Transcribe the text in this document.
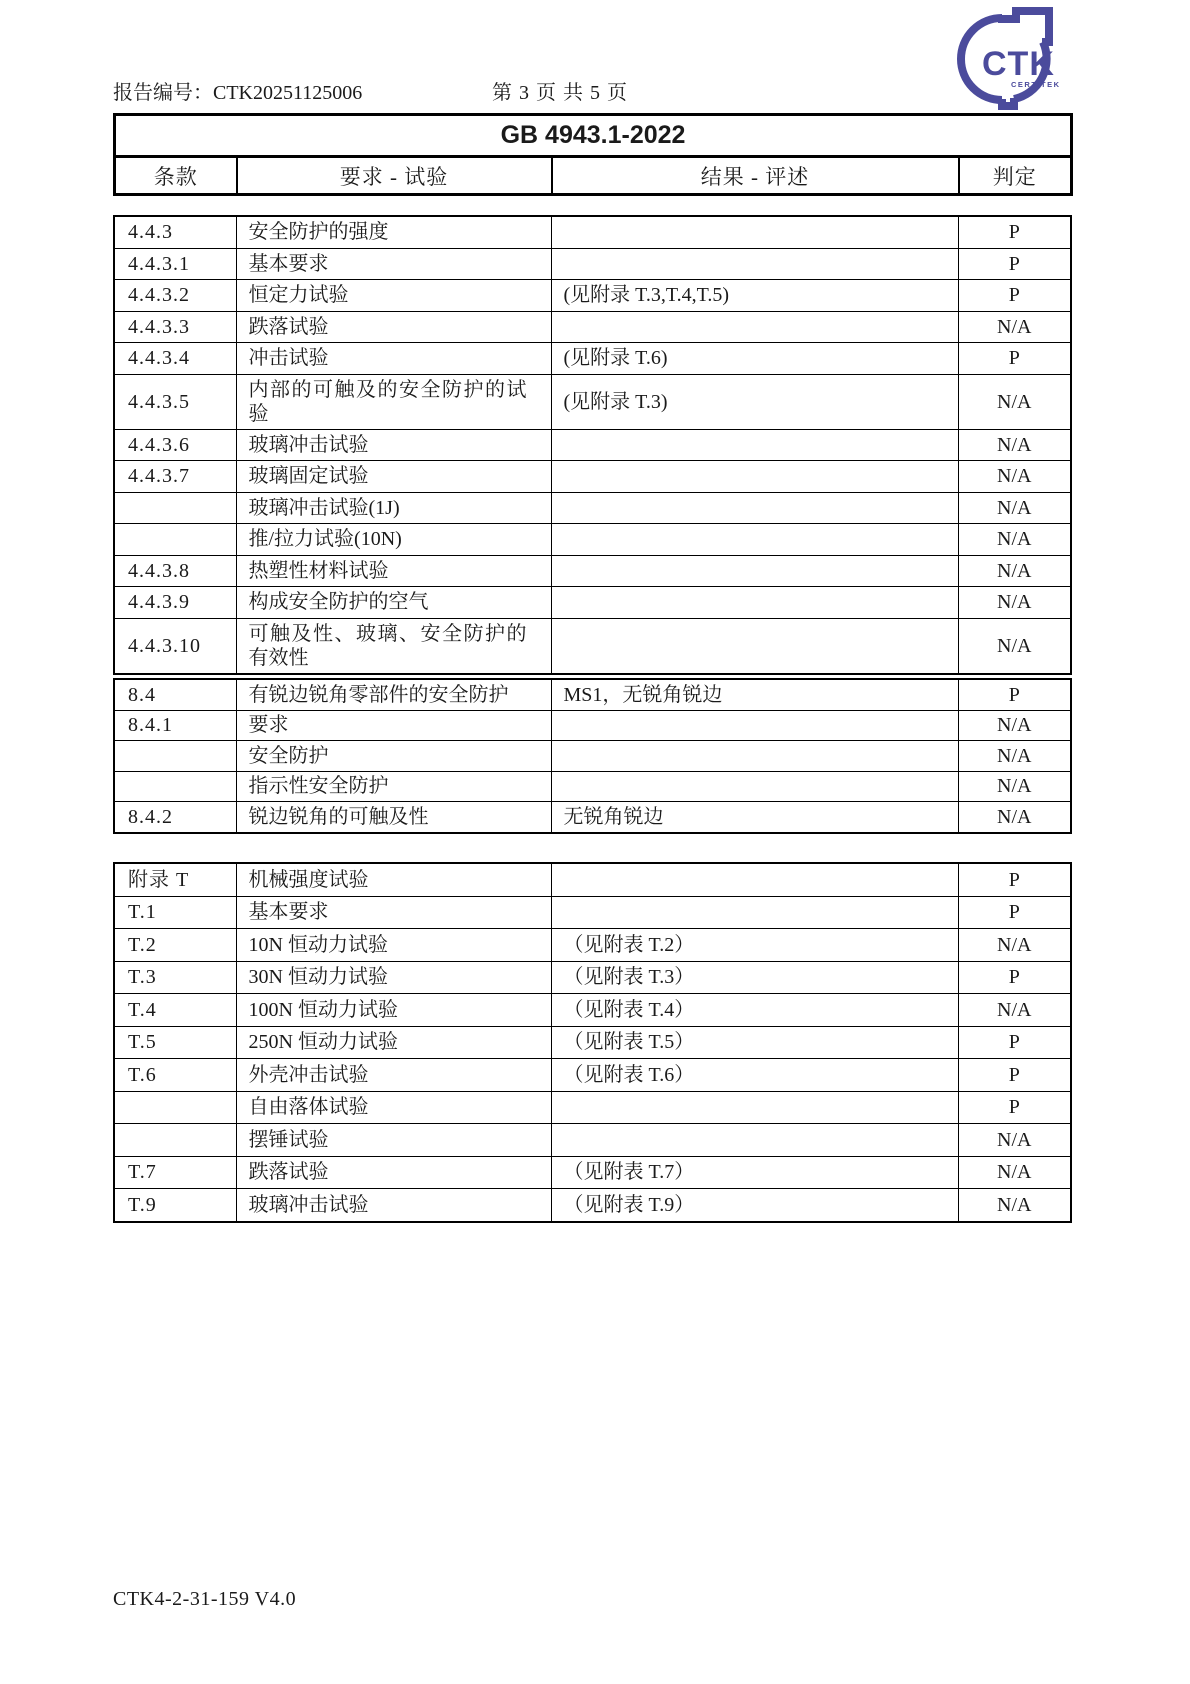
报告编号：CTK20251125006	第 3 页 共 5 页
CTK
CERTITEK
GB 4943.1-2022
条款	要求 - 试验	结果 - 评述	判定
4.4.3	安全防护的强度		P
4.4.3.1	基本要求		P
4.4.3.2	恒定力试验	(见附录 T.3,T.4,T.5)	P
4.4.3.3	跌落试验		N/A
4.4.3.4	冲击试验	(见附录 T.6)	P
4.4.3.5	内部的可触及的安全防护的试验	(见附录 T.3)	N/A
4.4.3.6	玻璃冲击试验		N/A
4.4.3.7	玻璃固定试验		N/A
	玻璃冲击试验(1J)		N/A
	推/拉力试验(10N)		N/A
4.4.3.8	热塑性材料试验		N/A
4.4.3.9	构成安全防护的空气		N/A
4.4.3.10	可触及性、玻璃、安全防护的有效性		N/A
8.4	有锐边锐角零部件的安全防护	MS1，无锐角锐边	P
8.4.1	要求		N/A
	安全防护		N/A
	指示性安全防护		N/A
8.4.2	锐边锐角的可触及性	无锐角锐边	N/A
附录 T	机械强度试验		P
T.1	基本要求		P
T.2	10N 恒动力试验	（见附表 T.2）	N/A
T.3	30N 恒动力试验	（见附表 T.3）	P
T.4	100N 恒动力试验	（见附表 T.4）	N/A
T.5	250N 恒动力试验	（见附表 T.5）	P
T.6	外壳冲击试验	（见附表 T.6）	P
	自由落体试验		P
	摆锤试验		N/A
T.7	跌落试验	（见附表 T.7）	N/A
T.9	玻璃冲击试验	（见附表 T.9）	N/A
CTK4-2-31-159 V4.0
